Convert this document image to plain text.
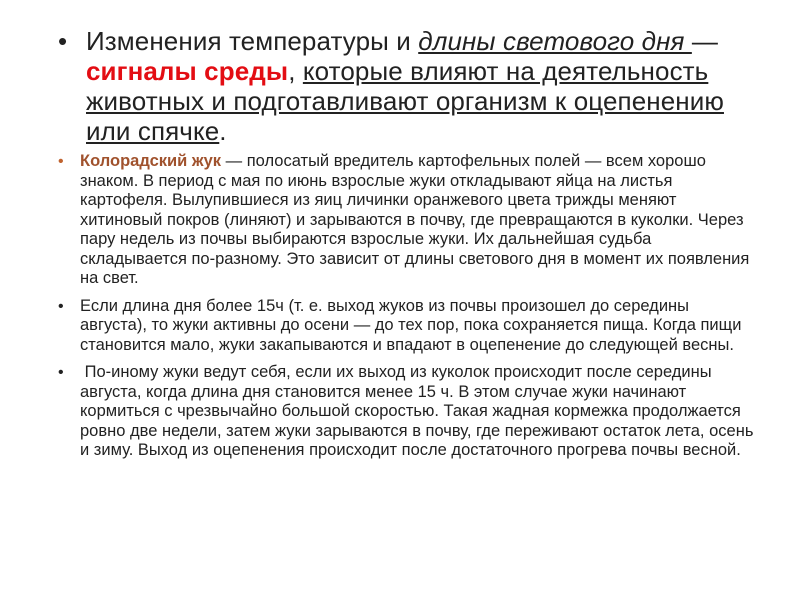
• Изменения температуры и длины светового дня — сигналы среды, которые влияют на деятельность животных и подготавливают организм к оцепенению или спячке.
• Колорадский жук — полосатый вредитель картофельных полей — всем хорошо знаком. В период с мая по июнь взрослые жуки откладывают яйца на листья картофеля. Вылупившиеся из яиц личинки оранжевого цвета трижды меняют хитиновый покров (линяют) и зарываются в почву, где превращаются в куколки. Через пару недель из почвы выбираются взрослые жуки. Их дальнейшая судьба складывается по-разному. Это зависит от длины светового дня в момент их появления на свет.
• Если длина дня более 15ч (т. е. выход жуков из почвы произошел до середины августа), то жуки активны до осени — до тех пор, пока сохраняется пища. Когда пищи становится мало, жуки закапываются и впадают в оцепенение до следующей весны.
• По-иному жуки ведут себя, если их выход из куколок происходит после середины августа, когда длина дня становится менее 15 ч. В этом случае жуки начинают кормиться с чрезвычайно большой скоростью. Такая жадная кормежка продолжается ровно две недели, затем жуки зарываются в почву, где переживают остаток лета, осень и зиму. Выход из оцепенения происходит после достаточного прогрева почвы весной.
